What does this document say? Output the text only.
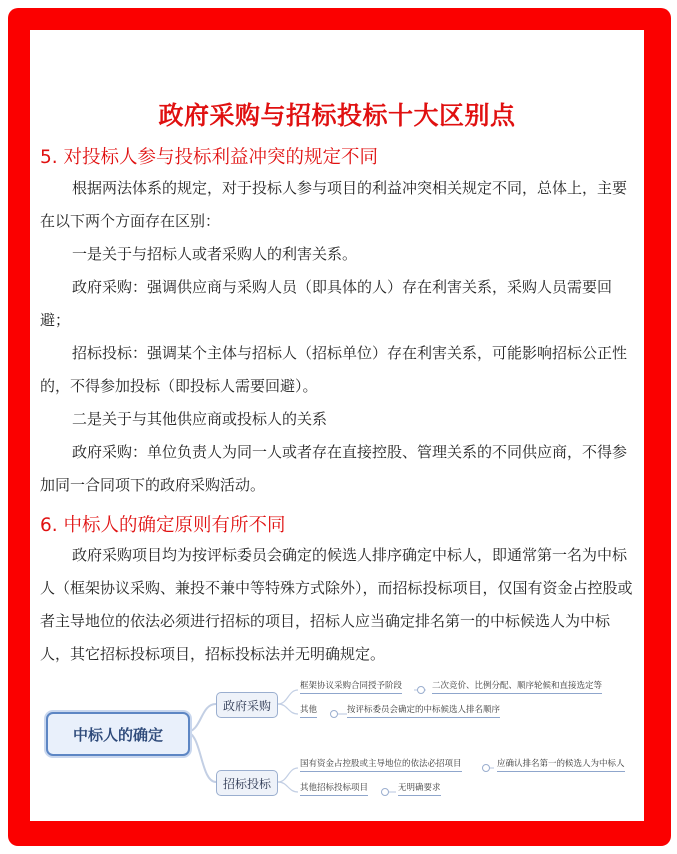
政府采购与招标投标十大区别点
5. 对投标人参与投标利益冲突的规定不同

根据两法体系的规定，对于投标人参与项目的利益冲突相关规定不同，总体上，主要在以下两个方面存在区别：

一是关于与招标人或者采购人的利害关系。

政府采购：强调供应商与采购人员（即具体的人）存在利害关系，采购人员需要回避；

招标投标：强调某个主体与招标人（招标单位）存在利害关系，可能影响招标公正性的，不得参加投标（即投标人需要回避）。

二是关于与其他供应商或投标人的关系

政府采购：单位负责人为同一人或者存在直接控股、管理关系的不同供应商，不得参加同一合同项下的政府采购活动。

6. 中标人的确定原则有所不同

政府采购项目均为按评标委员会确定的候选人排序确定中标人，即通常第一名为中标人（框架协议采购、兼投不兼中等特殊方式除外），而招标投标项目，仅国有资金占控股或者主导地位的依法必须进行招标的项目，招标人应当确定排名第一的中标候选人为中标人，其它招标投标项目，招标投标法并无明确规定。

中标人的确定
政府采购
框架协议采购合同授予阶段	二次竞价、比例分配、顺序轮候和直接选定等
其他	按评标委员会确定的中标候选人排名顺序
招标投标
国有资金占控股或主导地位的依法必招项目	应确认排名第一的候选人为中标人
其他招标投标项目	无明确要求
